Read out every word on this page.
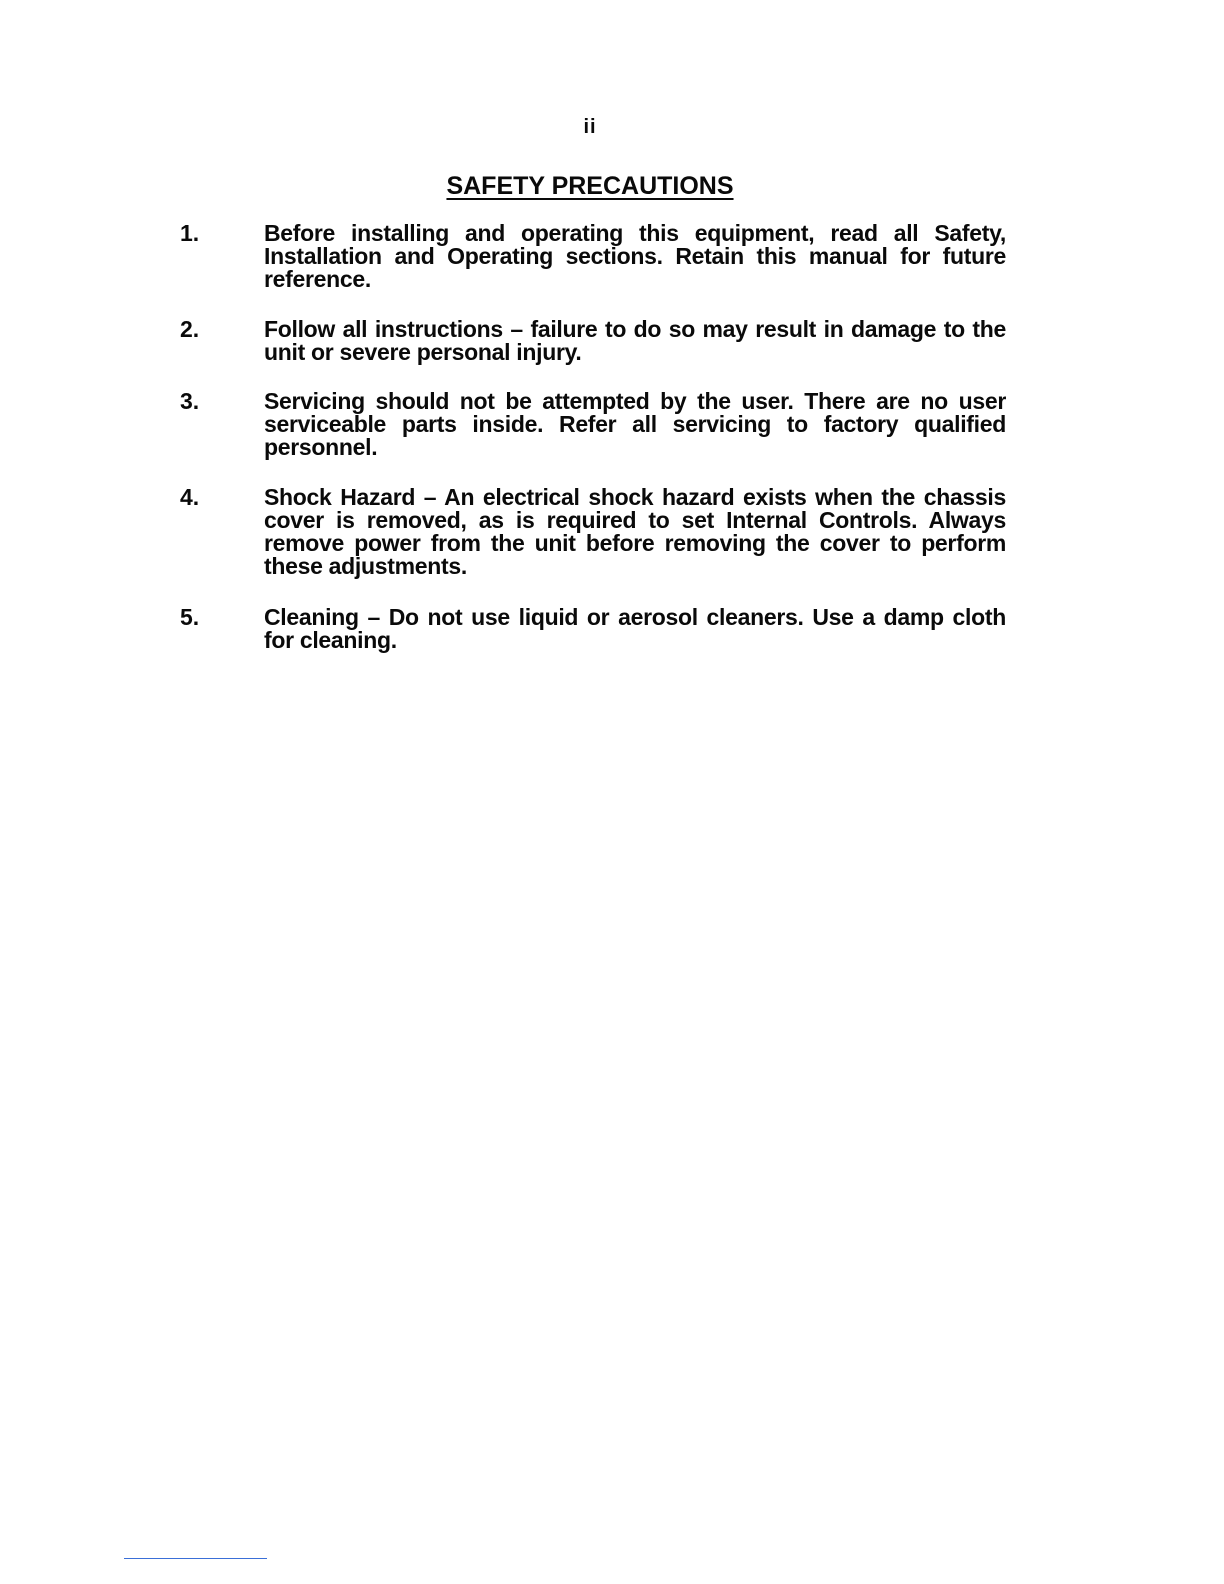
ii
SAFETY PRECAUTIONS
1.	Before installing and operating this equipment, read all Safety, Installation and Operating sections. Retain this manual for future reference.
2.	Follow all instructions – failure to do so may result in damage to the unit or severe personal injury.
3.	Servicing should not be attempted by the user. There are no user serviceable parts inside. Refer all servicing to factory qualified personnel.
4.	Shock Hazard – An electrical shock hazard exists when the chassis cover is removed, as is required to set Internal Controls. Always remove power from the unit before removing the cover to perform these adjustments.
5.	Cleaning – Do not use liquid or aerosol cleaners. Use a damp cloth for cleaning.
